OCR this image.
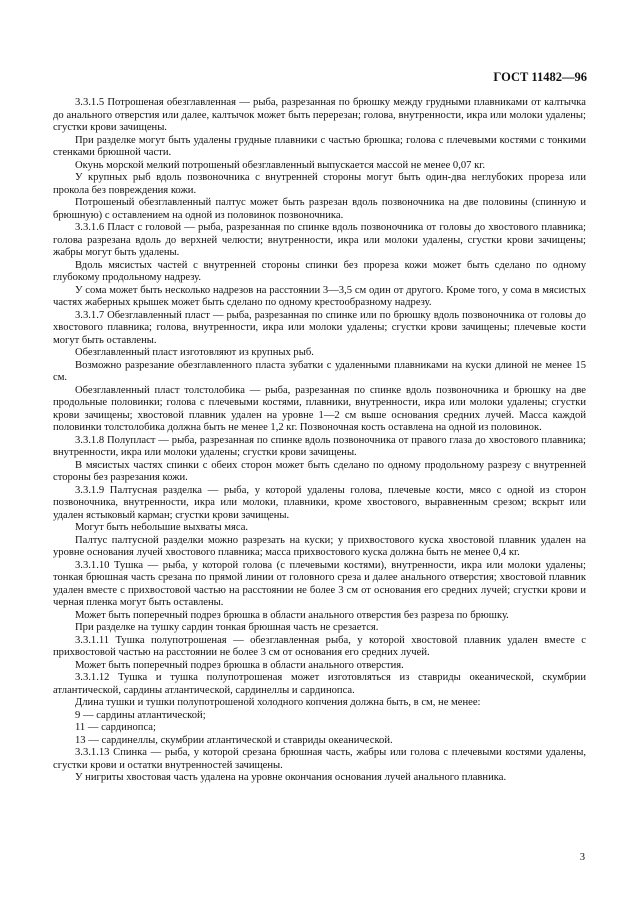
ГОСТ 11482—96

3.3.1.5 Потрошеная обезглавленная — рыба, разрезанная по брюшку между грудными плавниками от калтычка до анального отверстия или далее, калтычок может быть перерезан; голова, внутренности, икра или молоки удалены; сгустки крови зачищены.

При разделке могут быть удалены грудные плавники с частью брюшка; голова с плечевыми костями с тонкими стенками брюшной части.

Окунь морской мелкий потрошеный обезглавленный выпускается массой не менее 0,07 кг.

У крупных рыб вдоль позвоночника с внутренней стороны могут быть один-два неглубоких прореза или прокола без повреждения кожи.

Потрошеный обезглавленный палтус может быть разрезан вдоль позвоночника на две половины (спинную и брюшную) с оставлением на одной из половинок позвоночника.

3.3.1.6 Пласт с головой — рыба, разрезанная по спинке вдоль позвоночника от головы до хвостового плавника; голова разрезана вдоль до верхней челюсти; внутренности, икра или молоки удалены, сгустки крови зачищены; жабры могут быть удалены.

Вдоль мясистых частей с внутренней стороны спинки без прореза кожи может быть сделано по одному глубокому продольному надрезу.

У сома может быть несколько надрезов на расстоянии 3—3,5 см один от другого. Кроме того, у сома в мясистых частях жаберных крышек может быть сделано по одному крестообразному надрезу.

3.3.1.7 Обезглавленный пласт — рыба, разрезанная по спинке или по брюшку вдоль позвоночника от головы до хвостового плавника; голова, внутренности, икра или молоки удалены; сгустки крови зачищены; плечевые кости могут быть оставлены.

Обезглавленный пласт изготовляют из крупных рыб.

Возможно разрезание обезглавленного пласта зубатки с удаленными плавниками на куски длиной не менее 15 см.

Обезглавленный пласт толстолобика — рыба, разрезанная по спинке вдоль позвоночника и брюшку на две продольные половинки; голова с плечевыми костями, плавники, внутренности, икра или молоки удалены; сгустки крови зачищены; хвостовой плавник удален на уровне 1—2 см выше основания средних лучей. Масса каждой половинки толстолобика должна быть не менее 1,2 кг. Позвоночная кость оставлена на одной из половинок.

3.3.1.8 Полупласт — рыба, разрезанная по спинке вдоль позвоночника от правого глаза до хвостового плавника; внутренности, икра или молоки удалены; сгустки крови зачищены.

В мясистых частях спинки с обеих сторон может быть сделано по одному продольному разрезу с внутренней стороны без разрезания кожи.

3.3.1.9 Палтусная разделка — рыба, у которой удалены голова, плечевые кости, мясо с одной из сторон позвоночника, внутренности, икра или молоки, плавники, кроме хвостового, выравненным срезом; вскрыт или удален ястыковый карман; сгустки крови зачищены.

Могут быть небольшие выхваты мяса.

Палтус палтусной разделки можно разрезать на куски; у прихвостового куска хвостовой плавник удален на уровне основания лучей хвостового плавника; масса прихвостового куска должна быть не менее 0,4 кг.

3.3.1.10 Тушка — рыба, у которой голова (с плечевыми костями), внутренности, икра или молоки удалены; тонкая брюшная часть срезана по прямой линии от головного среза и далее анального отверстия; хвостовой плавник удален вместе с прихвостовой частью на расстоянии не более 3 см от основания его средних лучей; сгустки крови и черная пленка могут быть оставлены.

Может быть поперечный подрез брюшка в области анального отверстия без разреза по брюшку.

При разделке на тушку сардин тонкая брюшная часть не срезается.

3.3.1.11 Тушка полупотрошеная — обезглавленная рыба, у которой хвостовой плавник удален вместе с прихвостовой частью на расстоянии не более 3 см от основания его средних лучей.

Может быть поперечный подрез брюшка в области анального отверстия.

3.3.1.12 Тушка и тушка полупотрошеная может изготовляться из ставриды океанической, скумбрии атлантической, сардины атлантической, сардинеллы и сардинопса.

Длина тушки и тушки полупотрошеной холодного копчения должна быть, в см, не менее:

9 — сардины атлантической;

11 — сардинопса;

13 — сардинеллы, скумбрии атлантической и ставриды океанической.

3.3.1.13 Спинка — рыба, у которой срезана брюшная часть, жабры или голова с плечевыми костями удалены, сгустки крови и остатки внутренностей зачищены.

У нигриты хвостовая часть удалена на уровне окончания основания лучей анального плавника.

3
